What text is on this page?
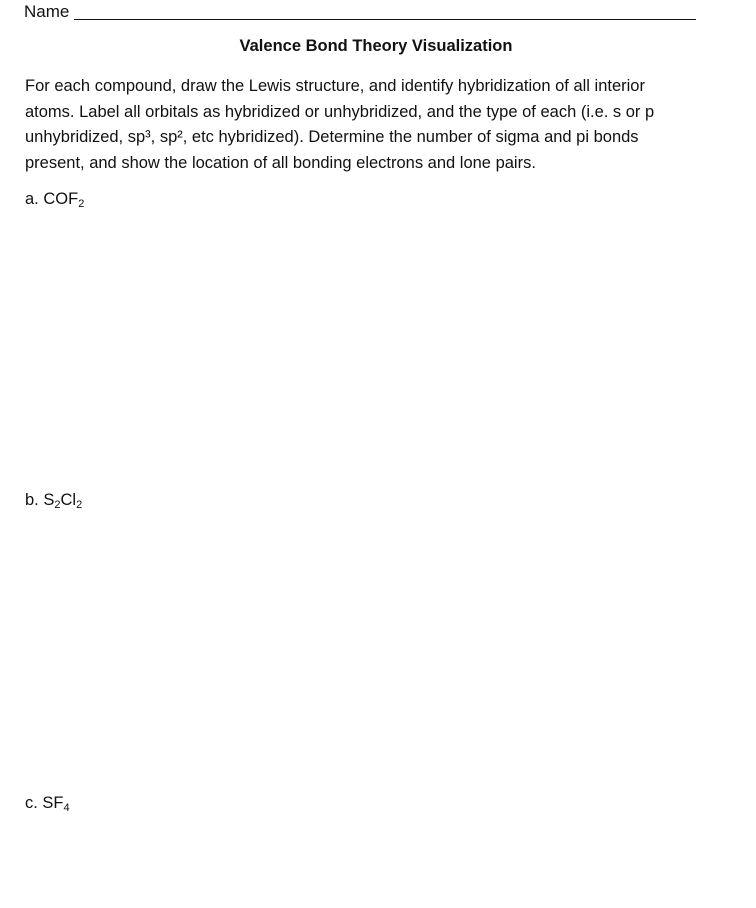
Name
Valence Bond Theory Visualization
For each compound, draw the Lewis structure, and identify hybridization of all interior
atoms. Label all orbitals as hybridized or unhybridized, and the type of each (i.e. s or p
unhybridized, sp³, sp², etc hybridized). Determine the number of sigma and pi bonds
present, and show the location of all bonding electrons and lone pairs.
a. $COF_2$
b. $S_2Cl_2$
c. $SF_4$
